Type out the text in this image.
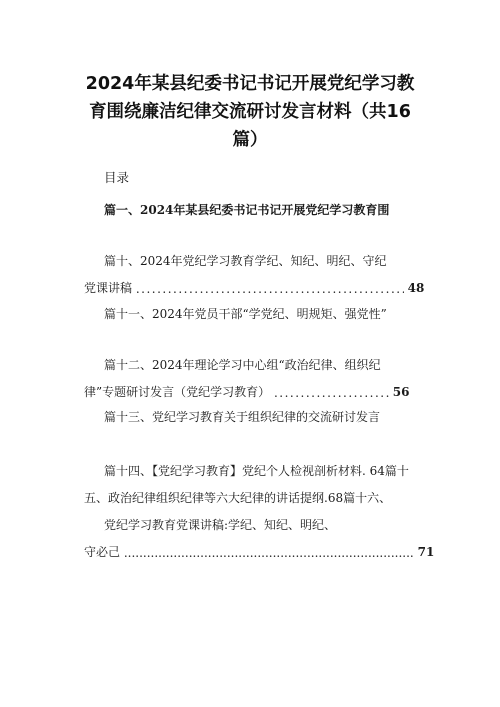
2024年某县纪委书记书记开展党纪学习教
育围绕廉洁纪律交流研讨发言材料（共16
篇）
目录
篇一、2024年某县纪委书记书记开展党纪学习教育围
篇十、2024年党纪学习教育学纪、知纪、明纪、守纪
党课讲稿 .....	48
篇十一、2024年党员干部“学党纪、明规矩、强党性”
篇十二、2024年理论学习中心组“政治纪律、组织纪
律”专题研讨发言（党纪学习教育） .....	56
篇十三、党纪学习教育关于组织纪律的交流研讨发言
篇十四、【党纪学习教育】党纪个人检视剖析材料. 64篇十
五、政治纪律组织纪律等六大纪律的讲话提纲.68篇十六、
党纪学习教育党课讲稿:学纪、知纪、明纪、
守必己 .....	71
